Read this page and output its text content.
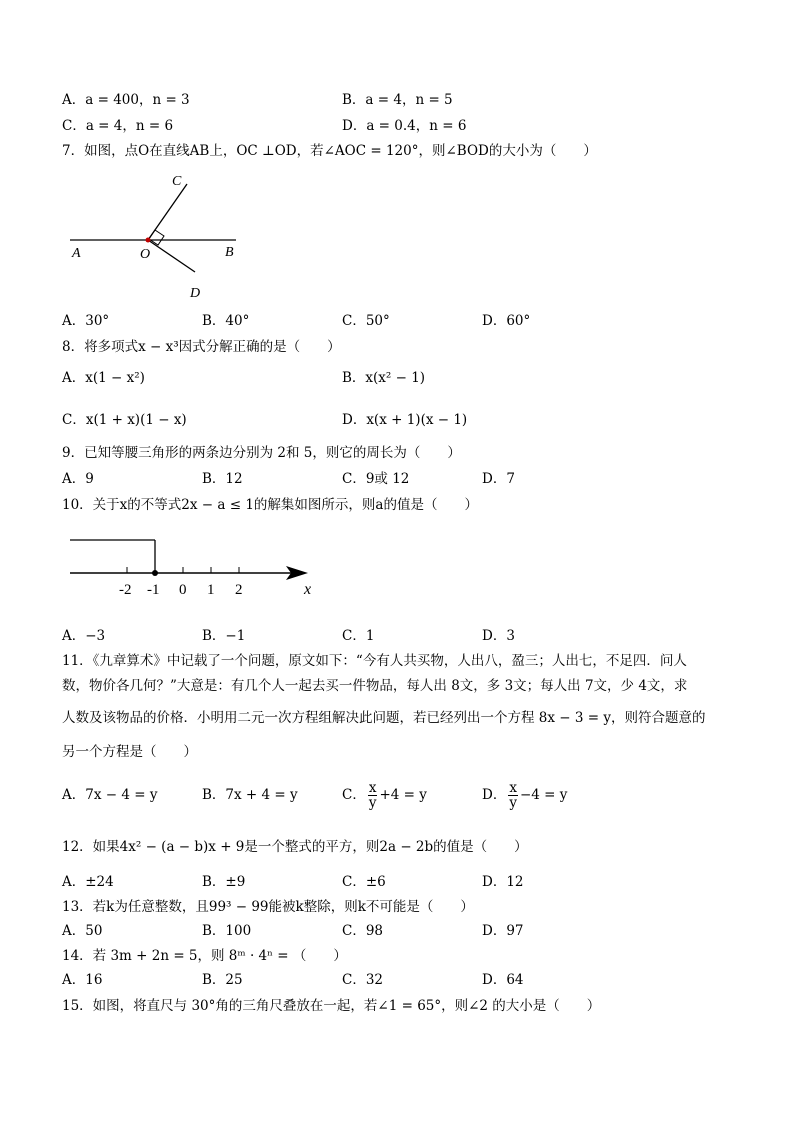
A．a = 400，n = 3	B．a = 4，n = 5
C．a = 4，n = 6	D．a = 0.4，n = 6
7．如图，点O在直线AB上，OC ⊥OD，若∠AOC = 120°，则∠BOD的大小为（　　）
C
A	O	B
D
A．30°	B．40°	C．50°	D．60°
8．将多项式x − x³因式分解正确的是（　　）
A．x(1 − x²)	B．x(x² − 1)
C．x(1 + x)(1 − x)	D．x(x + 1)(x − 1)
9．已知等腰三角形的两条边分别为 2和 5，则它的周长为（　　）
A．9	B．12	C．9或 12	D．7
10．关于x的不等式2x − a ≤ 1的解集如图所示，则a的值是（　　）
-2 -1 0 1 2	x
A．−3	B．−1	C．1	D．3
11．《九章算术》中记载了一个问题，原文如下：“今有人共买物，人出八，盈三；人出七，不足四．问人
数，物价各几何？”大意是：有几个人一起去买一件物品，每人出 8文，多 3文；每人出 7文，少 4文，求
人数及该物品的价格．小明用二元一次方程组解决此问题，若已经列出一个方程 8x − 3 = y，则符合题意的
另一个方程是（　　）
A．7x − 4 = y	B．7x + 4 = y	C． $\frac{x}{y} +4 = y$	D． $\frac{x}{y} -4 = y$
12．如果4x² − (a − b)x + 9是一个整式的平方，则2a − 2b的值是（　　）
A．±24	B．±9	C．±6	D．12
13．若k为任意整数，且99³ − 99能被k整除，则k不可能是（　　）
A．50	B．100	C．98	D．97
14．若 3m + 2n = 5，则 8ᵐ · 4ⁿ = （　　）
A．16	B．25	C．32	D．64
15．如图，将直尺与 30°角的三角尺叠放在一起，若∠1 = 65°，则∠2 的大小是（　　）
